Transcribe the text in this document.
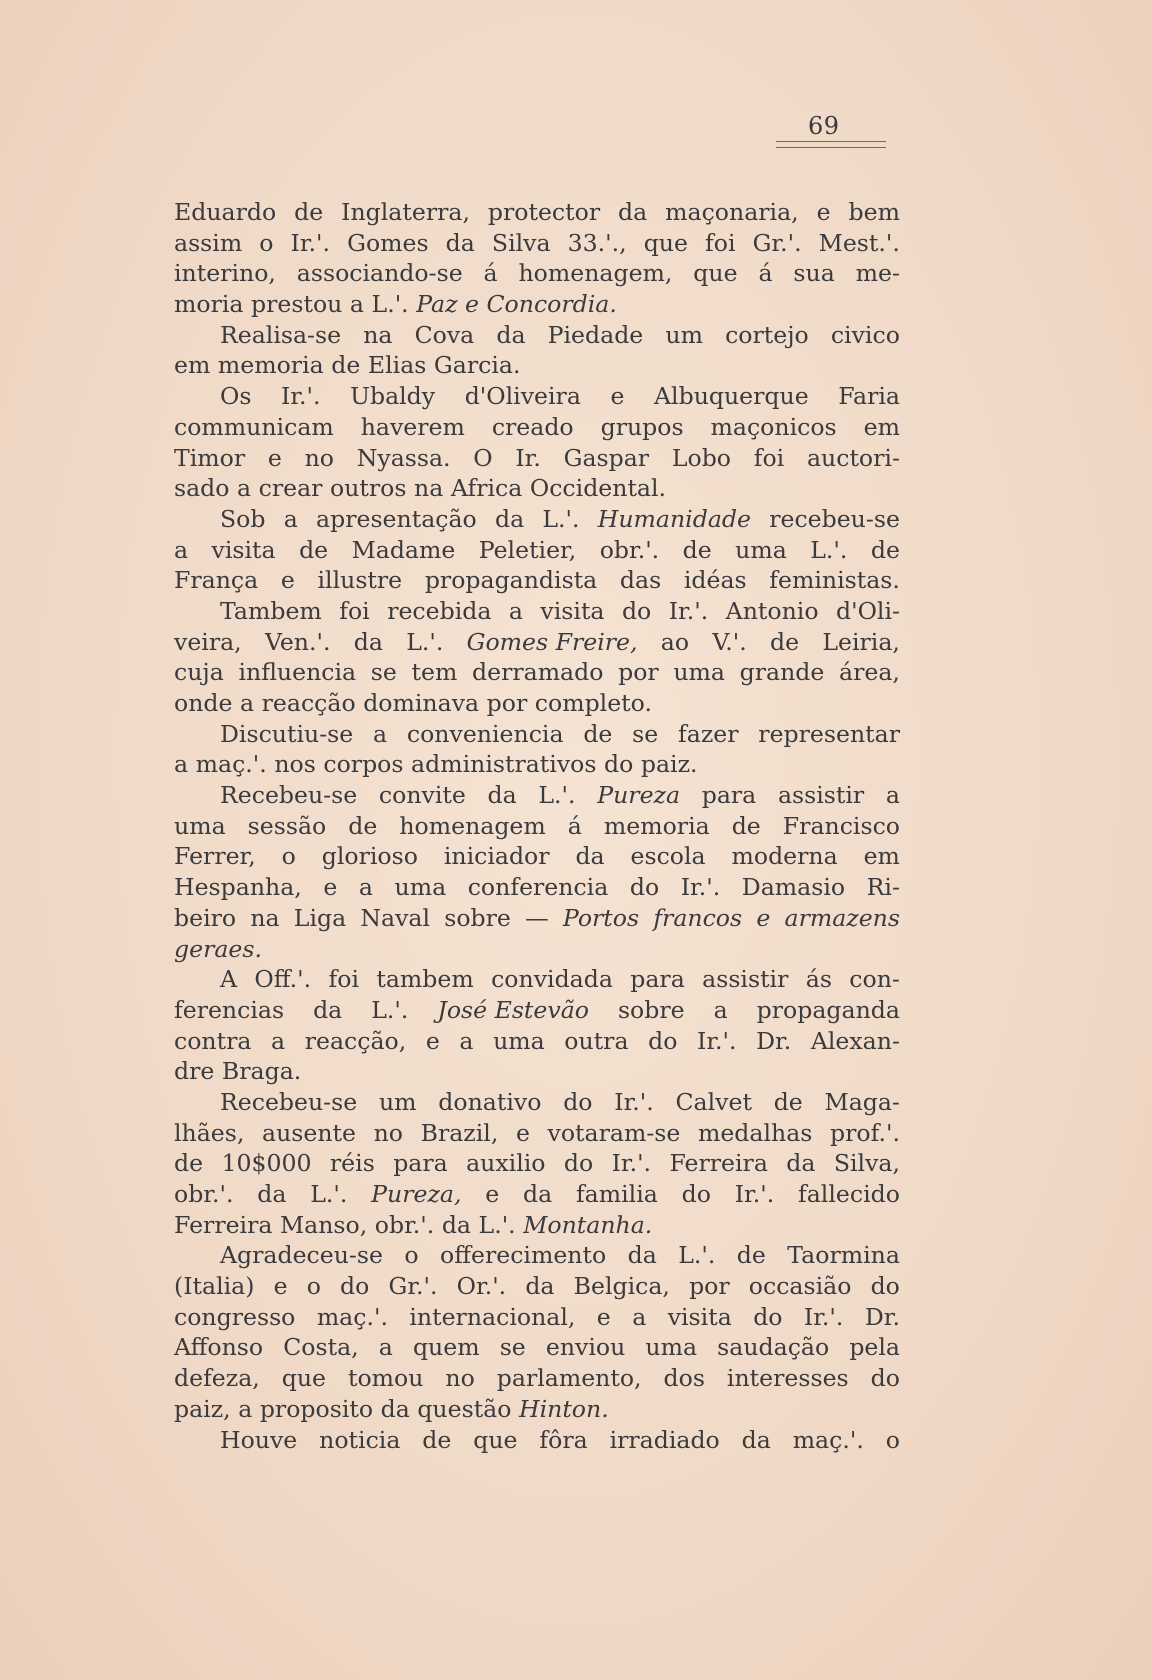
69
Eduardo de Inglaterra, protector da maçonaria, e bem
assim o Ir.'. Gomes da Silva 33.'., que foi Gr.'. Mest.'.
interino, associando-se á homenagem, que á sua me-
moria prestou a L.'. Paz e Concordia.
Realisa-se na Cova da Piedade um cortejo civico
em memoria de Elias Garcia.
Os Ir.'. Ubaldy d'Oliveira e Albuquerque Faria
communicam haverem creado grupos maçonicos em
Timor e no Nyassa. O Ir. Gaspar Lobo foi auctori-
sado a crear outros na Africa Occidental.
Sob a apresentação da L.'. Humanidade recebeu-se
a visita de Madame Peletier, obr.'. de uma L.'. de
França e illustre propagandista das idéas feministas.
Tambem foi recebida a visita do Ir.'. Antonio d'Oli-
veira, Ven.'. da L.'. Gomes Freire, ao V.'. de Leiria,
cuja influencia se tem derramado por uma grande área,
onde a reacção dominava por completo.
Discutiu-se a conveniencia de se fazer representar
a maç.'. nos corpos administrativos do paiz.
Recebeu-se convite da L.'. Pureza para assistir a
uma sessão de homenagem á memoria de Francisco
Ferrer, o glorioso iniciador da escola moderna em
Hespanha, e a uma conferencia do Ir.'. Damasio Ri-
beiro na Liga Naval sobre — Portos francos e armazens
geraes.
A Off.'. foi tambem convidada para assistir ás con-
ferencias da L.'. José Estevão sobre a propaganda
contra a reacção, e a uma outra do Ir.'. Dr. Alexan-
dre Braga.
Recebeu-se um donativo do Ir.'. Calvet de Maga-
lhães, ausente no Brazil, e votaram-se medalhas prof.'.
de 10$000 réis para auxilio do Ir.'. Ferreira da Silva,
obr.'. da L.'. Pureza, e da familia do Ir.'. fallecido
Ferreira Manso, obr.'. da L.'. Montanha.
Agradeceu-se o offerecimento da L.'. de Taormina
(Italia) e o do Gr.'. Or.'. da Belgica, por occasião do
congresso maç.'. internacional, e a visita do Ir.'. Dr.
Affonso Costa, a quem se enviou uma saudação pela
defeza, que tomou no parlamento, dos interesses do
paiz, a proposito da questão Hinton.
Houve noticia de que fôra irradiado da maç.'. o
